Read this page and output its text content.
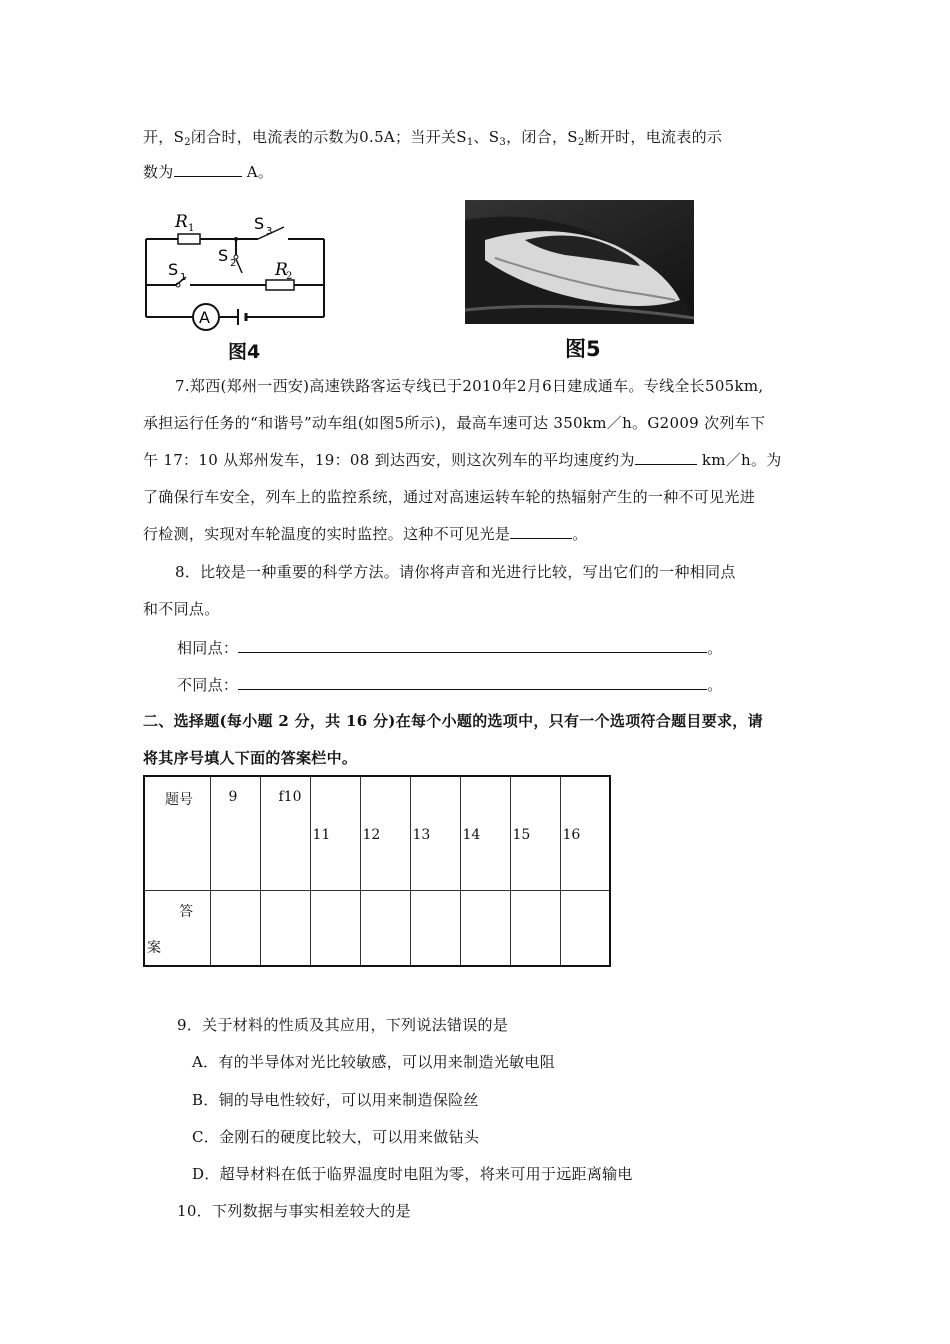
开，$S_2$闭合时，电流表的示数为0.5A；当开关$S_1$、$S_3$，闭合，$S_2$断开时，电流表的示
数为	A。
A
R 1	S 3
S 2
S 1	R
2
图4	图5
7.郑西(郑州一西安)高速铁路客运专线已于2010年2月6日建成通车。专线全长505km,
承担运行任务的“和谐号”动车组(如图5所示)，最高车速可达 350km／h。G2009 次列车下
午 17：10 从郑州发车，19：08 到达西安，则这次列车的平均速度约为	km／h。为
了确保行车安全，列车上的监控系统，通过对高速运转车轮的热辐射产生的一种不可见光进
行检测，实现对车轮温度的实时监控。这种不可见光是	。
8．比较是一种重要的科学方法。请你将声音和光进行比较，写出它们的一种相同点
和不同点。
相同点：	。
不同点：	。
二、选择题(每小题 2 分，共 16 分)在每个小题的选项中，只有一个选项符合题目要求，请
将其序号填人下面的答案栏中。
题号	9	f10	11	12	13	14	15	16

答
案								

9．关于材料的性质及其应用，下列说法错误的是
A．有的半导体对光比较敏感，可以用来制造光敏电阻
B．铜的导电性较好，可以用来制造保险丝
C．金刚石的硬度比较大，可以用来做钻头
D．超导材料在低于临界温度时电阻为零，将来可用于远距离输电
10．下列数据与事实相差较大的是
